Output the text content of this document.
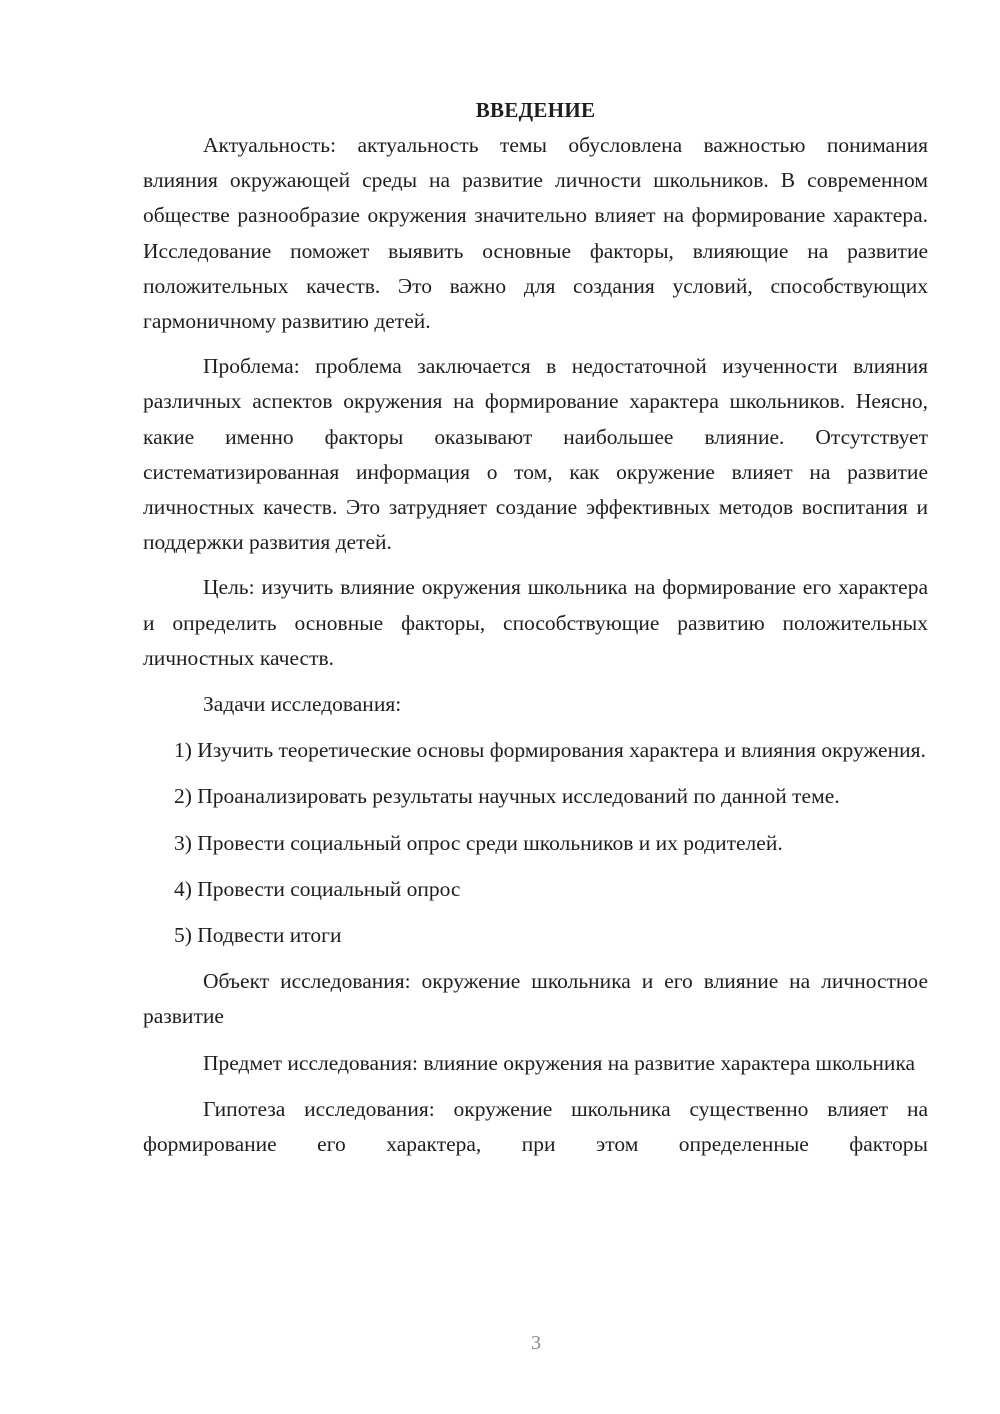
ВВЕДЕНИЕ

Актуальность: актуальность темы обусловлена важностью понимания влияния окружающей среды на развитие личности школьников. В современном обществе разнообразие окружения значительно влияет на формирование характера. Исследование поможет выявить основные факторы, влияющие на развитие положительных качеств. Это важно для создания условий, способствующих гармоничному развитию детей.

Проблема: проблема заключается в недостаточной изученности влияния различных аспектов окружения на формирование характера школьников. Неясно, какие именно факторы оказывают наибольшее влияние. Отсутствует систематизированная информация о том, как окружение влияет на развитие личностных качеств. Это затрудняет создание эффективных методов воспитания и поддержки развития детей.

Цель: изучить влияние окружения школьника на формирование его характера и определить основные факторы, способствующие развитию положительных личностных качеств.

Задачи исследования:

1) Изучить теоретические основы формирования характера и влияния окружения.

2) Проанализировать результаты научных исследований по данной теме.

3) Провести социальный опрос среди школьников и их родителей.

4) Провести социальный опрос

5) Подвести итоги

Объект исследования: окружение школьника и его влияние на личностное развитие

Предмет исследования: влияние окружения на развитие характера школьника

Гипотеза исследования: окружение школьника существенно влияет на формирование его характера, при этом определенные факторы

3
